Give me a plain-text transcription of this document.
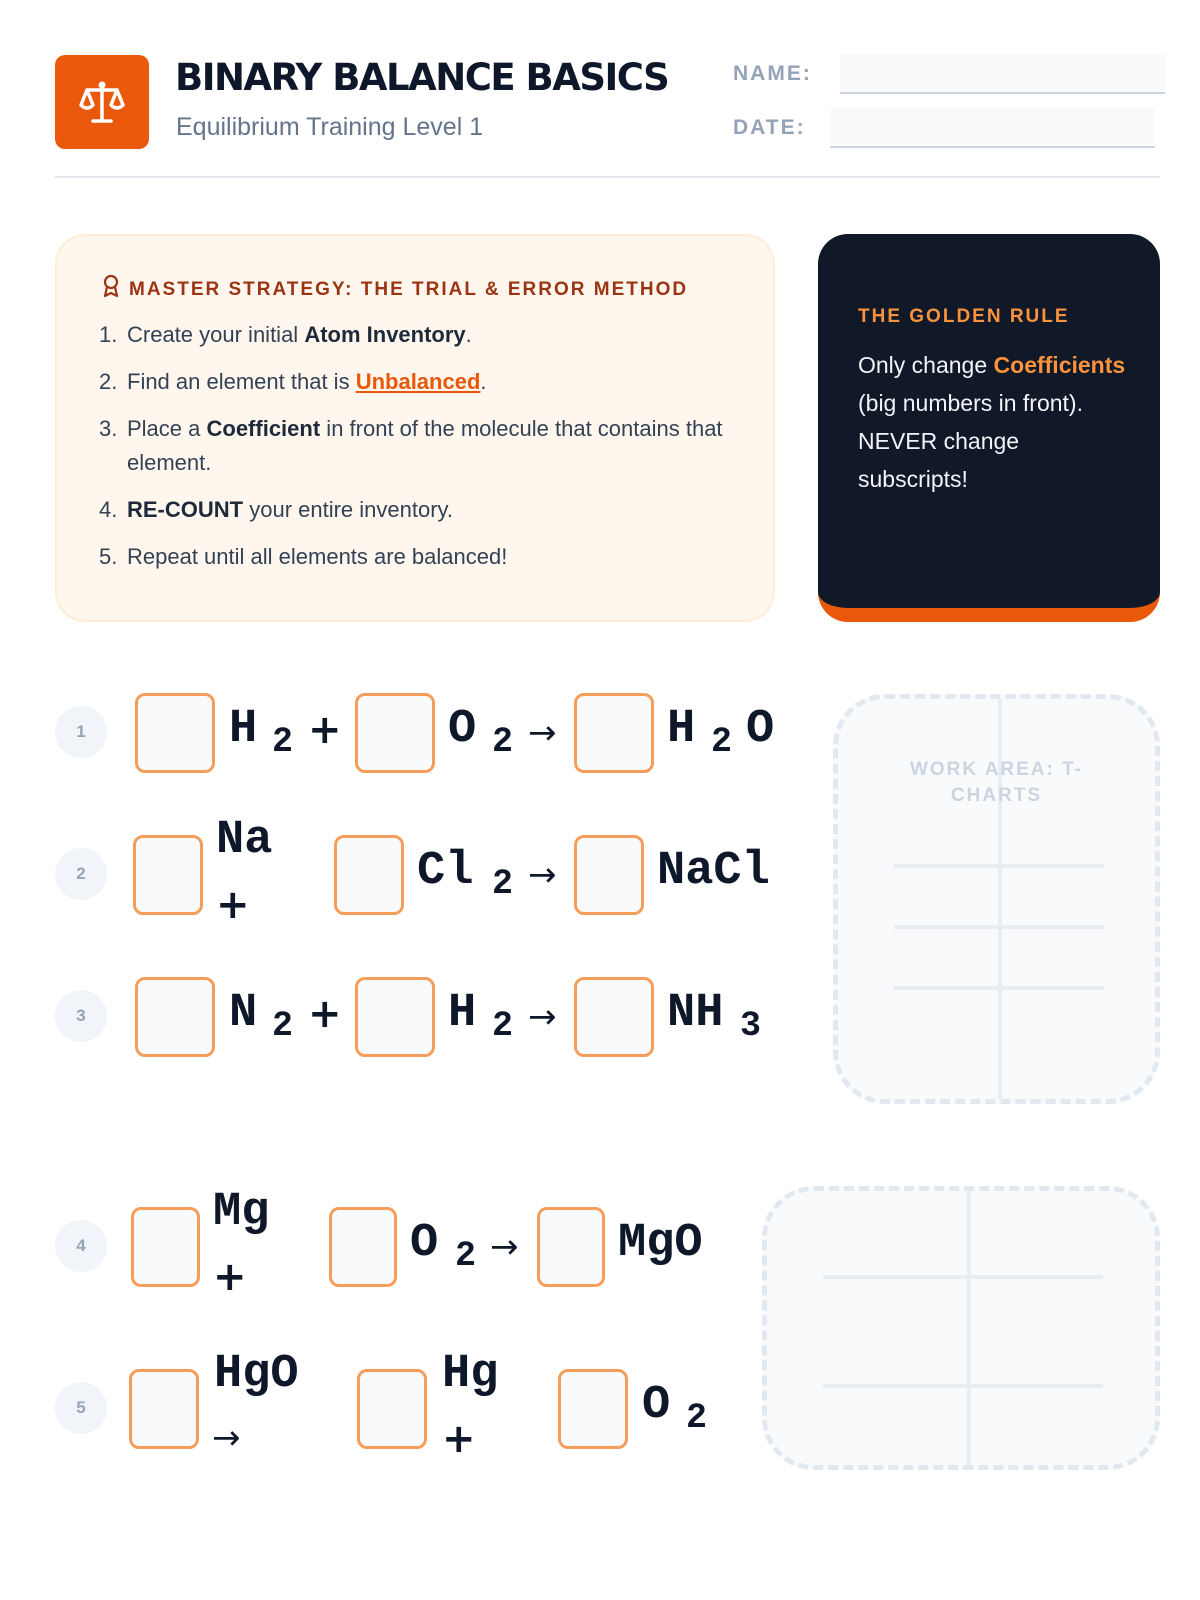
BINARY BALANCE BASICS
Equilibrium Training Level 1
NAME:
DATE:
MASTER STRATEGY: THE TRIAL & ERROR METHOD
1. Create your initial Atom Inventory.
2. Find an element that is Unbalanced.
3. Place a Coefficient in front of the molecule that contains that element.
4. RE-COUNT your entire inventory.
5. Repeat until all elements are balanced!
THE GOLDEN RULE
Only change Coefficients (big numbers in front). NEVER change subscripts!
1	H 2 + O 2 → H 2 O
2
Na
+
Cl 2 → NaCl
3	N 2 + H 2 → NH 3
WORK AREA: T-
CHARTS
4
Mg
+
O 2 → MgO
5
HgO
→
Hg
+
O 2
